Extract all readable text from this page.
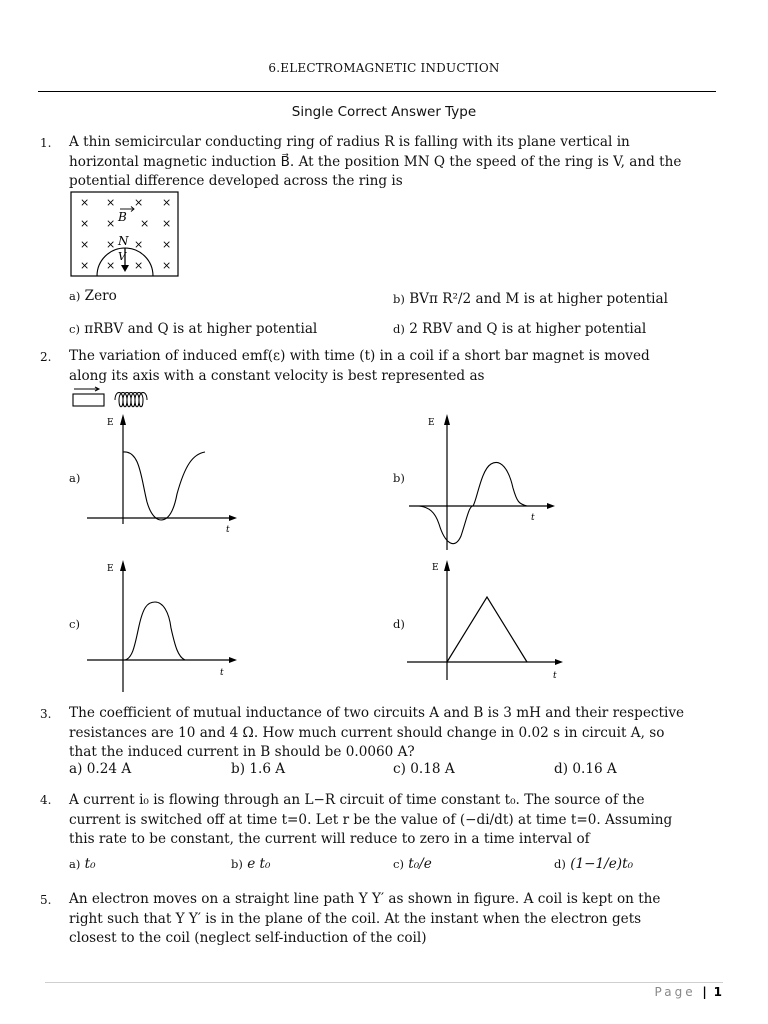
6.ELECTROMAGNETIC INDUCTION
Single Correct Answer Type
1. A thin semicircular conducting ring of radius R is falling with its plane vertical in
horizontal magnetic induction B⃗. At the position MN Q the speed of the ring is V, and the
potential difference developed across the ring is
× × × ×
× × × ×
× × × ×
× × × ×
B
N
V
a) Zero	b) BVπ R²/2 and M is at higher potential
c) πRBV and Q is at higher potential	d) 2 RBV and Q is at higher potential
2. The variation of induced emf(ε) with time (t) in a coil if a short bar magnet is moved
along its axis with a constant velocity is best represented as
a)
E
t
b)
E
t
c)
E
t
d)
E
t
3. The coefficient of mutual inductance of two circuits A and B is 3 mH and their respective
resistances are 10 and 4 Ω. How much current should change in 0.02 s in circuit A, so
that the induced current in B should be 0.0060 A?
a) 0.24 A	b) 1.6 A	c) 0.18 A	d) 0.16 A
4. A current i₀ is flowing through an L−R circuit of time constant t₀. The source of the
current is switched off at time t=0. Let r be the value of (−di/dt) at time t=0. Assuming
this rate to be constant, the current will reduce to zero in a time interval of
a) t₀	b) e t₀	c) t₀/e	d) (1−1/e)t₀
5. An electron moves on a straight line path Y Y′ as shown in figure. A coil is kept on the
right such that Y Y′ is in the plane of the coil. At the instant when the electron gets
closest to the coil (neglect self-induction of the coil)
Page | 1
